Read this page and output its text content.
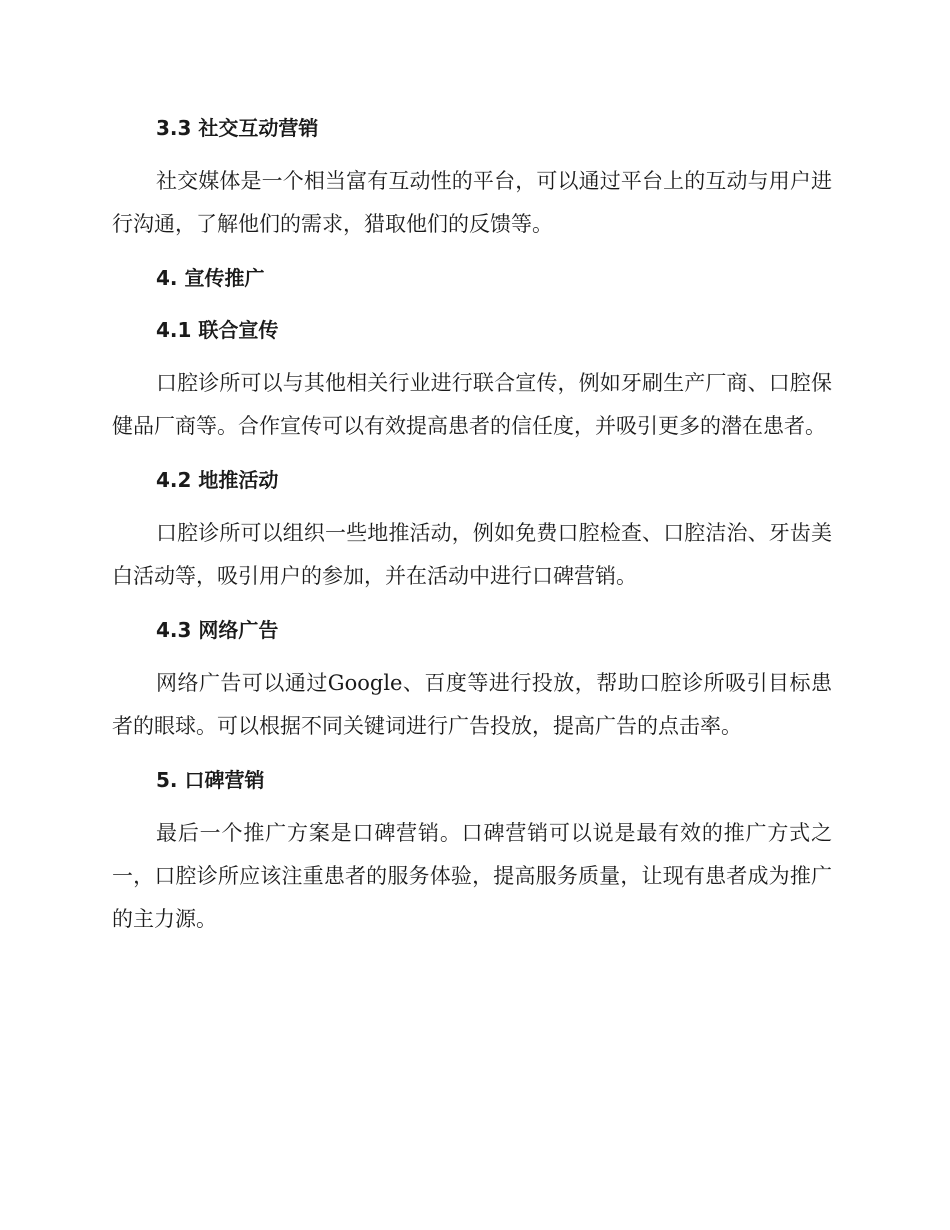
3.3 社交互动营销

社交媒体是一个相当富有互动性的平台，可以通过平台上的互动与用户进行沟通，了解他们的需求，猎取他们的反馈等。

4. 宣传推广
4.1 联合宣传

口腔诊所可以与其他相关行业进行联合宣传，例如牙刷生产厂商、口腔保健品厂商等。合作宣传可以有效提高患者的信任度，并吸引更多的潜在患者。

4.2 地推活动

口腔诊所可以组织一些地推活动，例如免费口腔检查、口腔洁治、牙齿美白活动等，吸引用户的参加，并在活动中进行口碑营销。

4.3 网络广告

网络广告可以通过Google、百度等进行投放，帮助口腔诊所吸引目标患者的眼球。可以根据不同关键词进行广告投放，提高广告的点击率。

5. 口碑营销

最后一个推广方案是口碑营销。口碑营销可以说是最有效的推广方式之一，口腔诊所应该注重患者的服务体验，提高服务质量，让现有患者成为推广的主力源。
